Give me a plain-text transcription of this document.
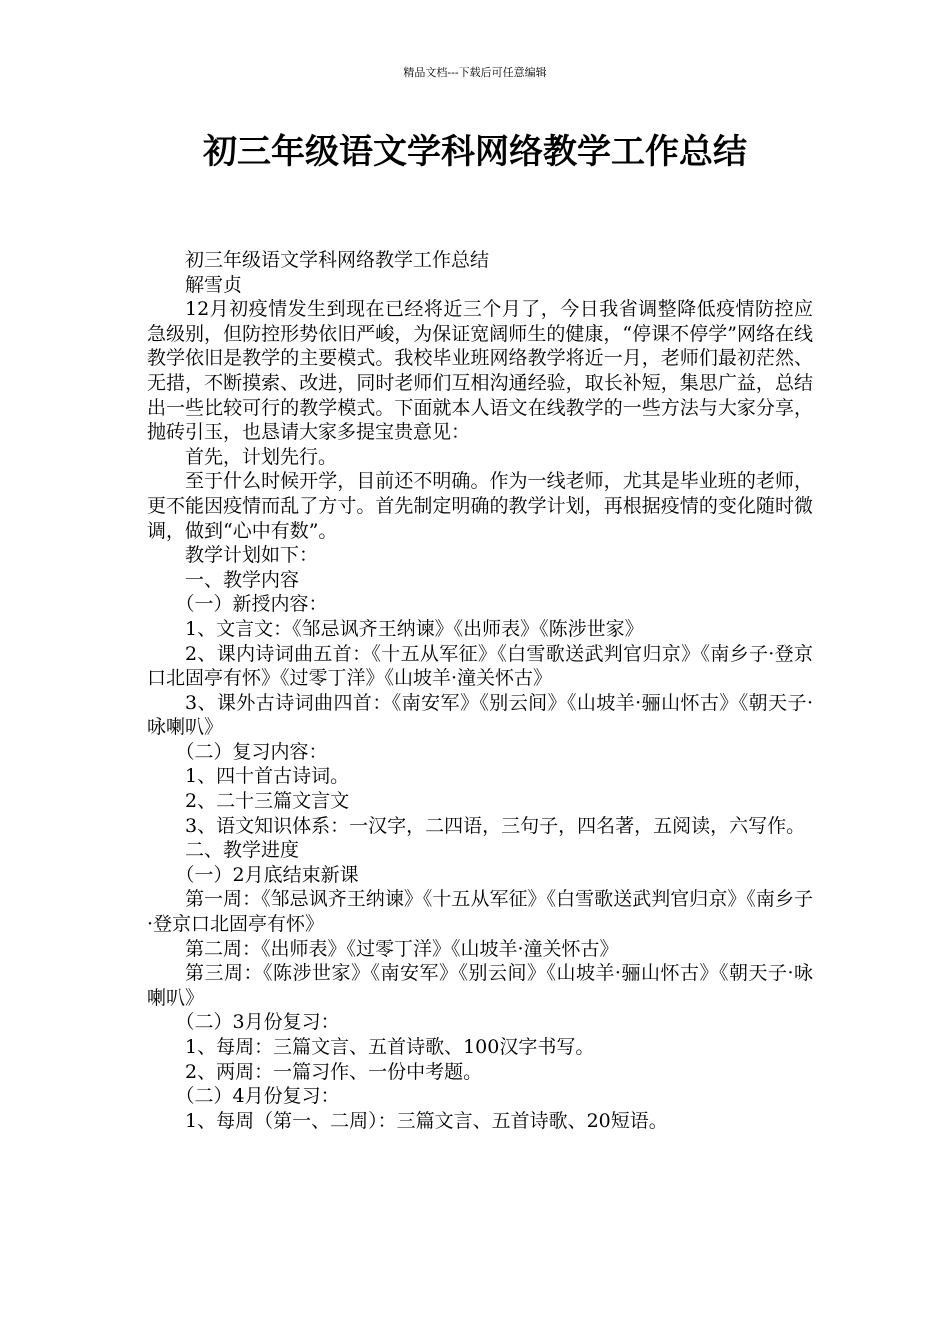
精品文档---下载后可任意编辑
初三年级语文学科网络教学工作总结

初三年级语文学科网络教学工作总结

解雪贞

12月初疫情发生到现在已经将近三个月了，今日我省调整降低疫情防控应急级别，但防控形势依旧严峻，为保证宽阔师生的健康，“停课不停学”网络在线教学依旧是教学的主要模式。我校毕业班网络教学将近一月，老师们最初茫然、无措，不断摸索、改进，同时老师们互相沟通经验，取长补短，集思广益，总结出一些比较可行的教学模式。下面就本人语文在线教学的一些方法与大家分享，抛砖引玉，也恳请大家多提宝贵意见：

首先，计划先行。

至于什么时候开学，目前还不明确。作为一线老师，尤其是毕业班的老师，更不能因疫情而乱了方寸。首先制定明确的教学计划，再根据疫情的变化随时微调，做到“心中有数”。

教学计划如下：

一、教学内容

（一）新授内容：

1、文言文：《邹忌讽齐王纳谏》《出师表》《陈涉世家》

2、课内诗词曲五首：《十五从军征》《白雪歌送武判官归京》《南乡子·登京口北固亭有怀》《过零丁洋》《山坡羊·潼关怀古》

3、课外古诗词曲四首：《南安军》《别云间》《山坡羊·骊山怀古》《朝天子·咏喇叭》

（二）复习内容：

1、四十首古诗词。

2、二十三篇文言文

3、语文知识体系：一汉字，二四语，三句子，四名著，五阅读，六写作。

二、教学进度

（一）2月底结束新课

第一周：《邹忌讽齐王纳谏》《十五从军征》《白雪歌送武判官归京》《南乡子·登京口北固亭有怀》

第二周：《出师表》《过零丁洋》《山坡羊·潼关怀古》

第三周：《陈涉世家》《南安军》《别云间》《山坡羊·骊山怀古》《朝天子·咏喇叭》

（二）3月份复习：

1、每周：三篇文言、五首诗歌、100汉字书写。

2、两周：一篇习作、一份中考题。

（二）4月份复习：

1、每周（第一、二周）：三篇文言、五首诗歌、20短语。
